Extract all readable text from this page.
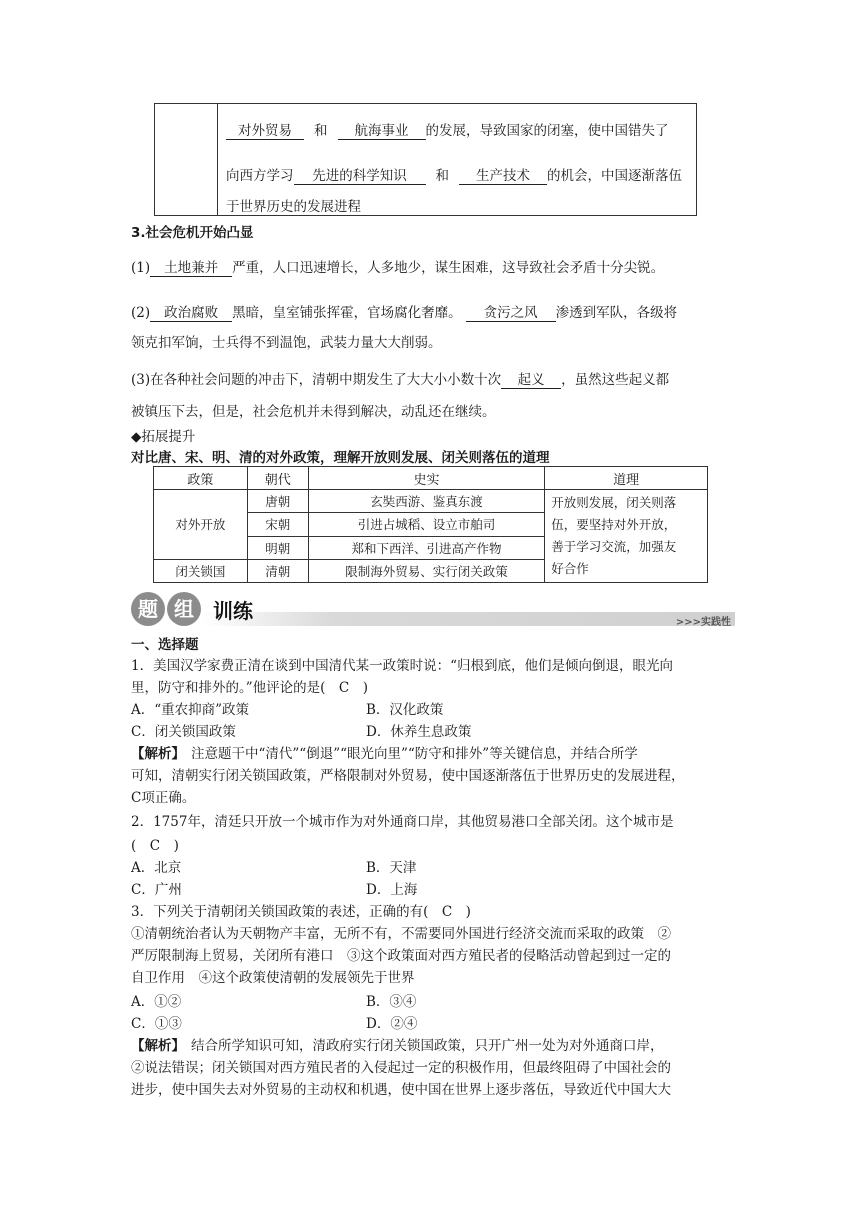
对外贸易 和 航海事业 的发展，导致国家的闭塞，使中国错失了
向西方学习 先进的科学知识 和 生产技术 的机会，中国逐渐落伍
于世界历史的发展进程
3.社会危机开始凸显
(1) 土地兼并 严重，人口迅速增长，人多地少，谋生困难，这导致社会矛盾十分尖锐。
(2) 政治腐败 黑暗，皇室铺张挥霍，官场腐化奢靡。 贪污之风 渗透到军队，各级将
领克扣军饷，士兵得不到温饱，武装力量大大削弱。
(3)在各种社会问题的冲击下，清朝中期发生了大大小小数十次 起义 ，虽然这些起义都
被镇压下去，但是，社会危机并未得到解决，动乱还在继续。
◆拓展提升
对比唐、宋、明、清的对外政策，理解开放则发展、闭关则落伍的道理
政策	朝代	史实	道理
对外开放	唐朝	玄奘西游、鉴真东渡	开放则发展，闭关则落
伍，要坚持对外开放，
善于学习交流，加强友
好合作

	宋朝	引进占城稻、设立市舶司	
	明朝	郑和下西洋、引进高产作物	
闭关锁国	清朝	限制海外贸易、实行闭关政策	
题 组 训练	>>>实践性
一、选择题
1．美国汉学家费正清在谈到中国清代某一政策时说：“归根到底，他们是倾向倒退，眼光向
里，防守和排外的。”他评论的是(　C　)
A．“重农抑商”政策	B．汉化政策
C．闭关锁国政策	D．休养生息政策
【解析】 注意题干中“清代”“倒退”“眼光向里”“防守和排外”等关键信息，并结合所学
可知，清朝实行闭关锁国政策，严格限制对外贸易，使中国逐渐落伍于世界历史的发展进程，
C项正确。
2．1757年，清廷只开放一个城市作为对外通商口岸，其他贸易港口全部关闭。这个城市是
(　C　)
A．北京	B．天津
C．广州	D．上海
3．下列关于清朝闭关锁国政策的表述，正确的有(　C　)
①清朝统治者认为天朝物产丰富，无所不有，不需要同外国进行经济交流而采取的政策　②
严厉限制海上贸易，关闭所有港口　③这个政策面对西方殖民者的侵略活动曾起到过一定的
自卫作用　④这个政策使清朝的发展领先于世界
A．①②	B．③④
C．①③	D．②④
【解析】 结合所学知识可知，清政府实行闭关锁国政策，只开广州一处为对外通商口岸，
②说法错误；闭关锁国对西方殖民者的入侵起过一定的积极作用，但最终阻碍了中国社会的
进步，使中国失去对外贸易的主动权和机遇，使中国在世界上逐步落伍，导致近代中国大大
